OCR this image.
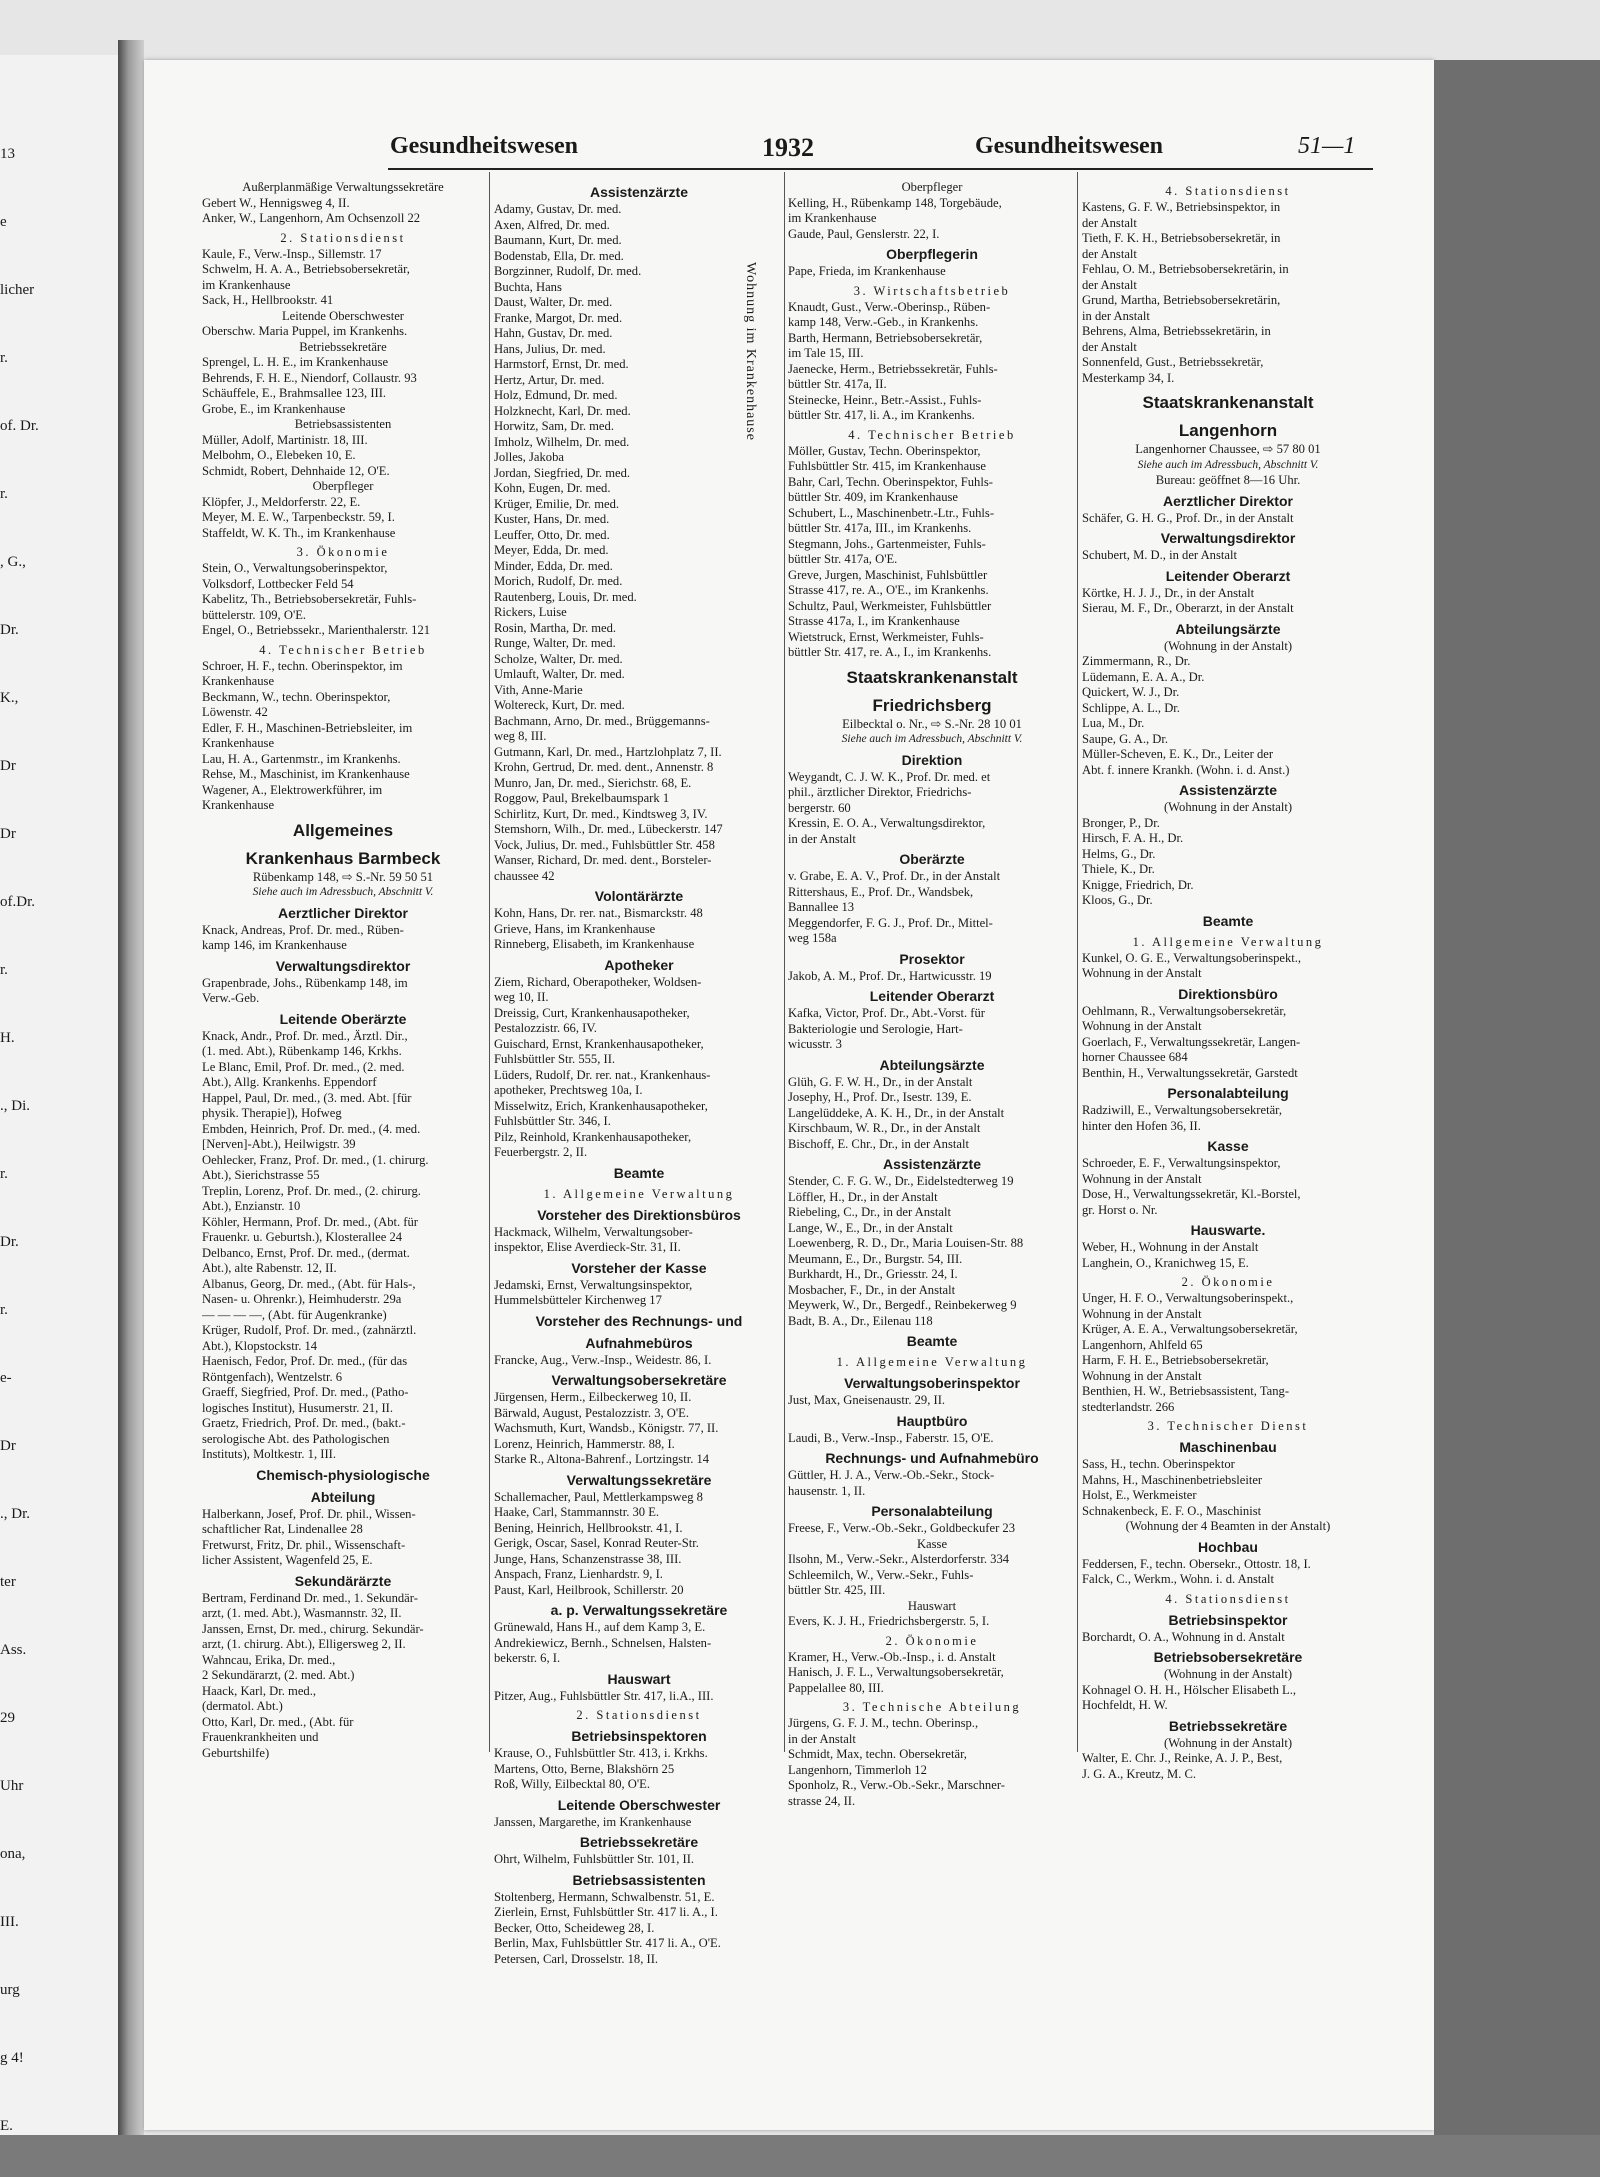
13
e
licher
r.
of. Dr.
r.
, G.,
Dr.
K.,
Dr
Dr
of.Dr.
r.
H.
., Di.
r.
Dr.
r.
e-
Dr
., Dr.
ter
Ass.
29
Uhr
ona,
III.
urg
g 4!
E.
Gesundheitswesen	1932	Gesundheitswesen	51—1
Außerplanmäßige Verwaltungssekretäre
Gebert W., Hennigsweg 4, II.
Anker, W., Langenhorn, Am Ochsenzoll 22
2. Stationsdienst
Kaule, F., Verw.-Insp., Sillemstr. 17
Schwelm, H. A. A., Betriebsobersekretär,
im Krankenhause
Sack, H., Hellbrookstr. 41
Leitende Oberschwester
Oberschw. Maria Puppel, im Krankenhs.
Betriebssekretäre
Sprengel, L. H. E., im Krankenhause
Behrends, F. H. E., Niendorf, Collaustr. 93
Schäuffele, E., Brahmsallee 123, III.
Grobe, E., im Krankenhause
Betriebsassistenten
Müller, Adolf, Martinistr. 18, III.
Melbohm, O., Elebeken 10, E.
Schmidt, Robert, Dehnhaide 12, O'E.
Oberpfleger
Klöpfer, J., Meldorferstr. 22, E.
Meyer, M. E. W., Tarpenbeckstr. 59, I.
Staffeldt, W. K. Th., im Krankenhause
3. Ökonomie
Stein, O., Verwaltungsoberinspektor,
Volksdorf, Lottbecker Feld 54
Kabelitz, Th., Betriebsobersekretär, Fuhls-
büttelerstr. 109, O'E.
Engel, O., Betriebssekr., Marienthalerstr. 121
4. Technischer Betrieb
Schroer, H. F., techn. Oberinspektor, im
Krankenhause
Beckmann, W., techn. Oberinspektor,
Löwenstr. 42
Edler, F. H., Maschinen-Betriebsleiter, im
Krankenhause
Lau, H. A., Gartenmstr., im Krankenhs.
Rehse, M., Maschinist, im Krankenhause
Wagener, A., Elektrowerkführer, im
Krankenhause
Allgemeines
Krankenhaus Barmbeck
Rübenkamp 148, ⇨ S.-Nr. 59 50 51
Siehe auch im Adressbuch, Abschnitt V.
Aerztlicher Direktor
Knack, Andreas, Prof. Dr. med., Rüben-
kamp 146, im Krankenhause
Verwaltungsdirektor
Grapenbrade, Johs., Rübenkamp 148, im
Verw.-Geb.
Leitende Oberärzte
Knack, Andr., Prof. Dr. med., Ärztl. Dir.,
(1. med. Abt.), Rübenkamp 146, Krkhs.
Le Blanc, Emil, Prof. Dr. med., (2. med.
Abt.), Allg. Krankenhs. Eppendorf
Happel, Paul, Dr. med., (3. med. Abt. [für
physik. Therapie]), Hofweg
Embden, Heinrich, Prof. Dr. med., (4. med.
[Nerven]-Abt.), Heilwigstr. 39
Oehlecker, Franz, Prof. Dr. med., (1. chirurg.
Abt.), Sierichstrasse 55
Treplin, Lorenz, Prof. Dr. med., (2. chirurg.
Abt.), Enzianstr. 10
Köhler, Hermann, Prof. Dr. med., (Abt. für
Frauenkr. u. Geburtsh.), Klosterallee 24
Delbanco, Ernst, Prof. Dr. med., (dermat.
Abt.), alte Rabenstr. 12, II.
Albanus, Georg, Dr. med., (Abt. für Hals-,
Nasen- u. Ohrenkr.), Heimhuderstr. 29a
— — — —, (Abt. für Augenkranke)
Krüger, Rudolf, Prof. Dr. med., (zahnärztl.
Abt.), Klopstockstr. 14
Haenisch, Fedor, Prof. Dr. med., (für das
Röntgenfach), Wentzelstr. 6
Graeff, Siegfried, Prof. Dr. med., (Patho-
logisches Institut), Husumerstr. 21, II.
Graetz, Friedrich, Prof. Dr. med., (bakt.-
serologische Abt. des Pathologischen
Instituts), Moltkestr. 1, III.
Chemisch-physiologische
Abteilung
Halberkann, Josef, Prof. Dr. phil., Wissen-
schaftlicher Rat, Lindenallee 28
Fretwurst, Fritz, Dr. phil., Wissenschaft-
licher Assistent, Wagenfeld 25, E.
Sekundärärzte
Bertram, Ferdinand Dr. med., 1. Sekundär-
arzt, (1. med. Abt.), Wasmannstr. 32, II.
Janssen, Ernst, Dr. med., chirurg. Sekundär-
arzt, (1. chirurg. Abt.), Elligersweg 2, II.
Wahncau, Erika, Dr. med.,
2 Sekundärarzt, (2. med. Abt.)
Haack, Karl, Dr. med.,
(dermatol. Abt.)
Otto, Karl, Dr. med., (Abt. für
Frauenkrankheiten und
Geburtshilfe)
Assistenzärzte
Adamy, Gustav, Dr. med.
Axen, Alfred, Dr. med.
Baumann, Kurt, Dr. med.
Bodenstab, Ella, Dr. med.
Borgzinner, Rudolf, Dr. med.
Buchta, Hans
Daust, Walter, Dr. med.
Franke, Margot, Dr. med.
Hahn, Gustav, Dr. med.
Hans, Julius, Dr. med.
Harmstorf, Ernst, Dr. med.
Hertz, Artur, Dr. med.
Holz, Edmund, Dr. med.
Holzknecht, Karl, Dr. med.
Horwitz, Sam, Dr. med.
Imholz, Wilhelm, Dr. med.
Jolles, Jakoba
Jordan, Siegfried, Dr. med.
Kohn, Eugen, Dr. med.
Krüger, Emilie, Dr. med.
Kuster, Hans, Dr. med.
Leuffer, Otto, Dr. med.
Meyer, Edda, Dr. med.
Minder, Edda, Dr. med.
Morich, Rudolf, Dr. med.
Rautenberg, Louis, Dr. med.
Rickers, Luise
Rosin, Martha, Dr. med.
Runge, Walter, Dr. med.
Scholze, Walter, Dr. med.
Umlauft, Walter, Dr. med.
Vith, Anne-Marie
Woltereck, Kurt, Dr. med.
Bachmann, Arno, Dr. med., Brüggemanns-
weg 8, III.
Gutmann, Karl, Dr. med., Hartzlohplatz 7, II.
Krohn, Gertrud, Dr. med. dent., Annenstr. 8
Munro, Jan, Dr. med., Sierichstr. 68, E.
Roggow, Paul, Brekelbaumspark 1
Schirlitz, Kurt, Dr. med., Kindtsweg 3, IV.
Stemshorn, Wilh., Dr. med., Lübeckerstr. 147
Vock, Julius, Dr. med., Fuhlsbüttler Str. 458
Wanser, Richard, Dr. med. dent., Borsteler-
chaussee 42
Volontärärzte
Kohn, Hans, Dr. rer. nat., Bismarckstr. 48
Grieve, Hans, im Krankenhause
Rinneberg, Elisabeth, im Krankenhause
Apotheker
Ziem, Richard, Oberapotheker, Woldsen-
weg 10, II.
Dreissig, Curt, Krankenhausapotheker,
Pestalozzistr. 66, IV.
Guischard, Ernst, Krankenhausapotheker,
Fuhlsbüttler Str. 555, II.
Lüders, Rudolf, Dr. rer. nat., Krankenhaus-
apotheker, Prechtsweg 10a, I.
Misselwitz, Erich, Krankenhausapotheker,
Fuhlsbüttler Str. 346, I.
Pilz, Reinhold, Krankenhausapotheker,
Feuerbergstr. 2, II.
Beamte
1. Allgemeine Verwaltung
Vorsteher des Direktionsbüros
Hackmack, Wilhelm, Verwaltungsober-
inspektor, Elise Averdieck-Str. 31, II.
Vorsteher der Kasse
Jedamski, Ernst, Verwaltungsinspektor,
Hummelsbütteler Kirchenweg 17
Vorsteher des Rechnungs- und
Aufnahmebüros
Francke, Aug., Verw.-Insp., Weidestr. 86, I.
Verwaltungsobersekretäre
Jürgensen, Herm., Eilbeckerweg 10, II.
Bärwald, August, Pestalozzistr. 3, O'E.
Wachsmuth, Kurt, Wandsb., Königstr. 77, II.
Lorenz, Heinrich, Hammerstr. 88, I.
Starke R., Altona-Bahrenf., Lortzingstr. 14
Verwaltungssekretäre
Schallemacher, Paul, Mettlerkampsweg 8
Haake, Carl, Stammannstr. 30 E.
Bening, Heinrich, Hellbrookstr. 41, I.
Gerigk, Oscar, Sasel, Konrad Reuter-Str.
Junge, Hans, Schanzenstrasse 38, III.
Anspach, Franz, Lienhardstr. 9, I.
Paust, Karl, Heilbrook, Schillerstr. 20
a. p. Verwaltungssekretäre
Grünewald, Hans H., auf dem Kamp 3, E.
Andrekiewicz, Bernh., Schnelsen, Halsten-
bekerstr. 6, I.
Hauswart
Pitzer, Aug., Fuhlsbüttler Str. 417, li.A., III.
2. Stationsdienst
Betriebsinspektoren
Krause, O., Fuhlsbüttler Str. 413, i. Krkhs.
Martens, Otto, Berne, Blakshörn 25
Roß, Willy, Eilbecktal 80, O'E.
Leitende Oberschwester
Janssen, Margarethe, im Krankenhause
Betriebssekretäre
Ohrt, Wilhelm, Fuhlsbüttler Str. 101, II.
Betriebsassistenten
Stoltenberg, Hermann, Schwalbenstr. 51, E.
Zierlein, Ernst, Fuhlsbüttler Str. 417 li. A., I.
Becker, Otto, Scheideweg 28, I.
Berlin, Max, Fuhlsbüttler Str. 417 li. A., O'E.
Petersen, Carl, Drosselstr. 18, II.
Oberpfleger
Kelling, H., Rübenkamp 148, Torgebäude,
im Krankenhause
Gaude, Paul, Genslerstr. 22, I.
Oberpflegerin
Pape, Frieda, im Krankenhause
3. Wirtschaftsbetrieb
Knaudt, Gust., Verw.-Oberinsp., Rüben-
kamp 148, Verw.-Geb., in Krankenhs.
Barth, Hermann, Betriebsobersekretär,
im Tale 15, III.
Jaenecke, Herm., Betriebssekretär, Fuhls-
büttler Str. 417a, II.
Steinecke, Heinr., Betr.-Assist., Fuhls-
büttler Str. 417, li. A., im Krankenhs.
4. Technischer Betrieb
Möller, Gustav, Techn. Oberinspektor,
Fuhlsbüttler Str. 415, im Krankenhause
Bahr, Carl, Techn. Oberinspektor, Fuhls-
büttler Str. 409, im Krankenhause
Schubert, L., Maschinenbetr.-Ltr., Fuhls-
büttler Str. 417a, III., im Krankenhs.
Stegmann, Johs., Gartenmeister, Fuhls-
büttler Str. 417a, O'E.
Greve, Jurgen, Maschinist, Fuhlsbüttler
Strasse 417, re. A., O'E., im Krankenhs.
Schultz, Paul, Werkmeister, Fuhlsbüttler
Strasse 417a, I., im Krankenhause
Wietstruck, Ernst, Werkmeister, Fuhls-
büttler Str. 417, re. A., I., im Krankenhs.
Staatskrankenanstalt
Friedrichsberg
Eilbecktal o. Nr., ⇨ S.-Nr. 28 10 01
Siehe auch im Adressbuch, Abschnitt V.
Direktion
Weygandt, C. J. W. K., Prof. Dr. med. et
phil., ärztlicher Direktor, Friedrichs-
bergerstr. 60
Kressin, E. O. A., Verwaltungsdirektor,
in der Anstalt
Oberärzte
v. Grabe, E. A. V., Prof. Dr., in der Anstalt
Rittershaus, E., Prof. Dr., Wandsbek,
Bannallee 13
Meggendorfer, F. G. J., Prof. Dr., Mittel-
weg 158a
Prosektor
Jakob, A. M., Prof. Dr., Hartwicusstr. 19
Leitender Oberarzt
Kafka, Victor, Prof. Dr., Abt.-Vorst. für
Bakteriologie und Serologie, Hart-
wicusstr. 3
Abteilungsärzte
Glüh, G. F. W. H., Dr., in der Anstalt
Josephy, H., Prof. Dr., Isestr. 139, E.
Langelüddeke, A. K. H., Dr., in der Anstalt
Kirschbaum, W. R., Dr., in der Anstalt
Bischoff, E. Chr., Dr., in der Anstalt
Assistenzärzte
Stender, C. F. G. W., Dr., Eidelstedterweg 19
Löffler, H., Dr., in der Anstalt
Riebeling, C., Dr., in der Anstalt
Lange, W., E., Dr., in der Anstalt
Loewenberg, R. D., Dr., Maria Louisen-Str. 88
Meumann, E., Dr., Burgstr. 54, III.
Burkhardt, H., Dr., Griesstr. 24, I.
Mosbacher, F., Dr., in der Anstalt
Meywerk, W., Dr., Bergedf., Reinbekerweg 9
Badt, B. A., Dr., Eilenau 118
Beamte
1. Allgemeine Verwaltung
Verwaltungsoberinspektor
Just, Max, Gneisenaustr. 29, II.
Hauptbüro
Laudi, B., Verw.-Insp., Faberstr. 15, O'E.
Rechnungs- und Aufnahmebüro
Güttler, H. J. A., Verw.-Ob.-Sekr., Stock-
hausenstr. 1, II.
Personalabteilung
Freese, F., Verw.-Ob.-Sekr., Goldbeckufer 23
Kasse
Ilsohn, M., Verw.-Sekr., Alsterdorferstr. 334
Schleemilch, W., Verw.-Sekr., Fuhls-
büttler Str. 425, III.
Hauswart
Evers, K. J. H., Friedrichsbergerstr. 5, I.
2. Ökonomie
Kramer, H., Verw.-Ob.-Insp., i. d. Anstalt
Hanisch, J. F. L., Verwaltungsobersekretär,
Pappelallee 80, III.
3. Technische Abteilung
Jürgens, G. F. J. M., techn. Oberinsp.,
in der Anstalt
Schmidt, Max, techn. Obersekretär,
Langenhorn, Timmerloh 12
Sponholz, R., Verw.-Ob.-Sekr., Marschner-
strasse 24, II.
4. Stationsdienst
Kastens, G. F. W., Betriebsinspektor, in
der Anstalt
Tieth, F. K. H., Betriebsobersekretär, in
der Anstalt
Fehlau, O. M., Betriebsobersekretärin, in
der Anstalt
Grund, Martha, Betriebsobersekretärin,
in der Anstalt
Behrens, Alma, Betriebssekretärin, in
der Anstalt
Sonnenfeld, Gust., Betriebssekretär,
Mesterkamp 34, I.
Staatskrankenanstalt
Langenhorn
Langenhorner Chaussee, ⇨ 57 80 01
Siehe auch im Adressbuch, Abschnitt V.
Bureau: geöffnet 8—16 Uhr.
Aerztlicher Direktor
Schäfer, G. H. G., Prof. Dr., in der Anstalt
Verwaltungsdirektor
Schubert, M. D., in der Anstalt
Leitender Oberarzt
Körtke, H. J. J., Dr., in der Anstalt
Sierau, M. F., Dr., Oberarzt, in der Anstalt
Abteilungsärzte
(Wohnung in der Anstalt)
Zimmermann, R., Dr.
Lüdemann, E. A. A., Dr.
Quickert, W. J., Dr.
Schlippe, A. L., Dr.
Lua, M., Dr.
Saupe, G. A., Dr.
Müller-Scheven, E. K., Dr., Leiter der
Abt. f. innere Krankh. (Wohn. i. d. Anst.)
Assistenzärzte
(Wohnung in der Anstalt)
Bronger, P., Dr.
Hirsch, F. A. H., Dr.
Helms, G., Dr.
Thiele, K., Dr.
Knigge, Friedrich, Dr.
Kloos, G., Dr.
Beamte
1. Allgemeine Verwaltung
Kunkel, O. G. E., Verwaltungsoberinspekt.,
Wohnung in der Anstalt
Direktionsbüro
Oehlmann, R., Verwaltungsobersekretär,
Wohnung in der Anstalt
Goerlach, F., Verwaltungssekretär, Langen-
horner Chaussee 684
Benthin, H., Verwaltungssekretär, Garstedt
Personalabteilung
Radziwill, E., Verwaltungsobersekretär,
hinter den Hofen 36, II.
Kasse
Schroeder, E. F., Verwaltungsinspektor,
Wohnung in der Anstalt
Dose, H., Verwaltungssekretär, Kl.-Borstel,
gr. Horst o. Nr.
Hauswarte.
Weber, H., Wohnung in der Anstalt
Langhein, O., Kranichweg 15, E.
2. Ökonomie
Unger, H. F. O., Verwaltungsoberinspekt.,
Wohnung in der Anstalt
Krüger, A. E. A., Verwaltungsobersekretär,
Langenhorn, Ahlfeld 65
Harm, F. H. E., Betriebsobersekretär,
Wohnung in der Anstalt
Benthien, H. W., Betriebsassistent, Tang-
stedterlandstr. 266
3. Technischer Dienst
Maschinenbau
Sass, H., techn. Oberinspektor
Mahns, H., Maschinenbetriebsleiter
Holst, E., Werkmeister
Schnakenbeck, E. F. O., Maschinist
(Wohnung der 4 Beamten in der Anstalt)
Hochbau
Feddersen, F., techn. Obersekr., Ottostr. 18, I.
Falck, C., Werkm., Wohn. i. d. Anstalt
4. Stationsdienst
Betriebsinspektor
Borchardt, O. A., Wohnung in d. Anstalt
Betriebsobersekretäre
(Wohnung in der Anstalt)
Kohnagel O. H. H., Hölscher Elisabeth L.,
Hochfeldt, H. W.
Betriebssekretäre
(Wohnung in der Anstalt)
Walter, E. Chr. J., Reinke, A. J. P., Best,
J. G. A., Kreutz, M. C.
Wohnung im Krankenhause
